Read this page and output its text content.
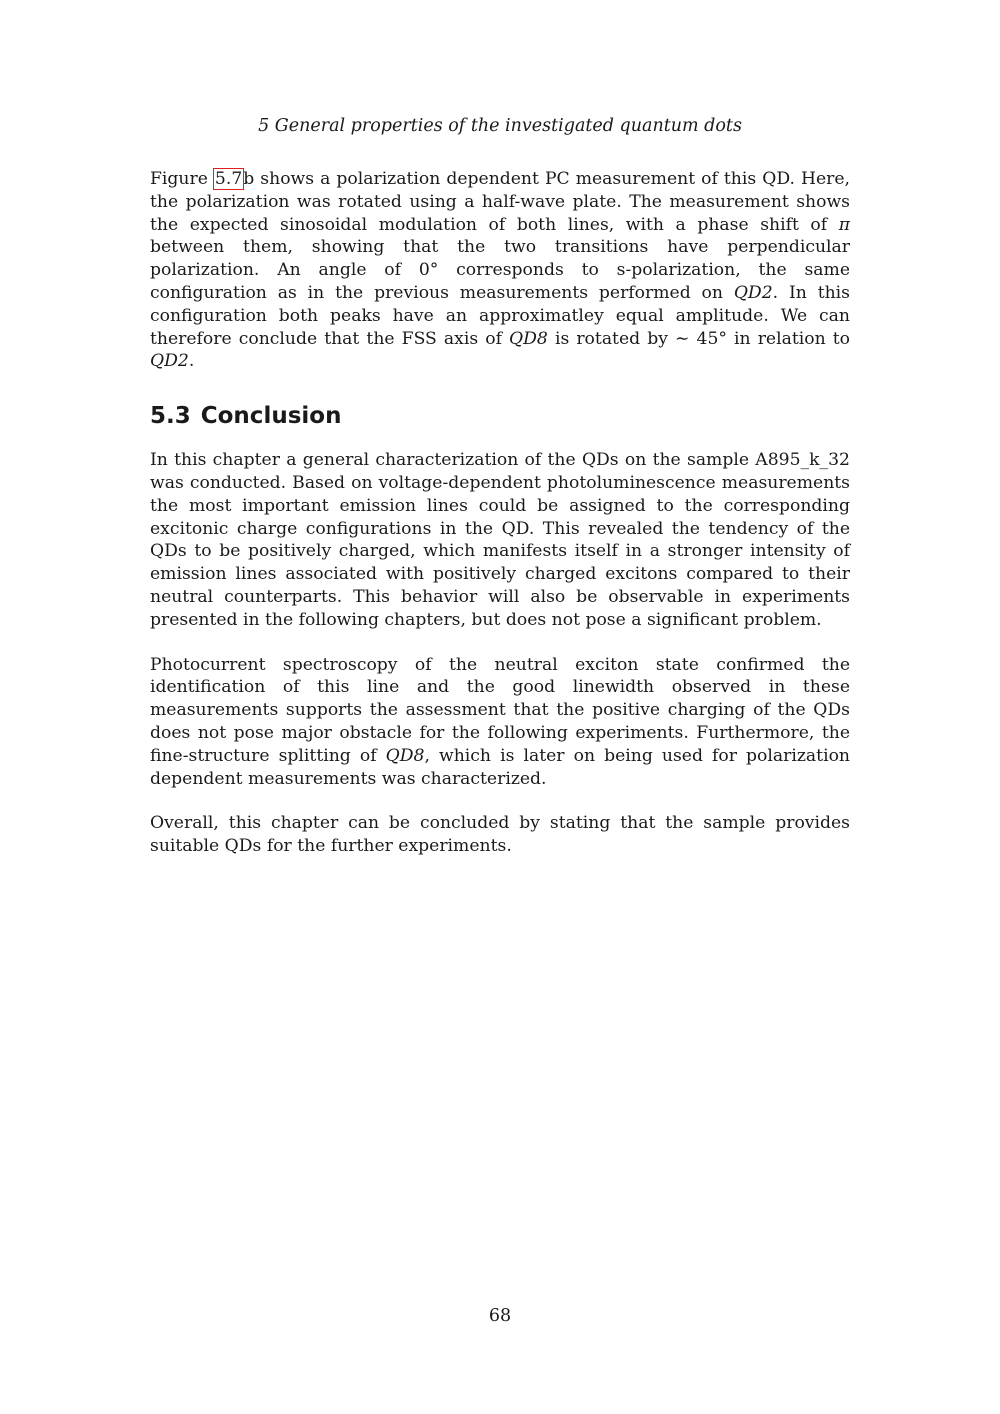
5 General properties of the investigated quantum dots

Figure 5.7b shows a polarization dependent PC measurement of this QD. Here, the polarization was rotated using a half-wave plate. The measurement shows the expected sinosoidal modulation of both lines, with a phase shift of π between them, showing that the two transitions have perpendicular polarization. An angle of 0° corresponds to s-polarization, the same configuration as in the previous measurements performed on QD2. In this configuration both peaks have an approximatley equal amplitude. We can therefore conclude that the FSS axis of QD8 is rotated by ∼ 45° in relation to QD2.

5.3 Conclusion

In this chapter a general characterization of the QDs on the sample A895_k_32 was conducted. Based on voltage-dependent photoluminescence measurements the most important emission lines could be assigned to the corresponding excitonic charge configurations in the QD. This revealed the tendency of the QDs to be positively charged, which manifests itself in a stronger intensity of emission lines associated with positively charged excitons compared to their neutral counterparts. This behavior will also be observable in experiments presented in the following chapters, but does not pose a significant problem.

Photocurrent spectroscopy of the neutral exciton state confirmed the identification of this line and the good linewidth observed in these measurements supports the assessment that the positive charging of the QDs does not pose major obstacle for the following experiments. Furthermore, the fine-structure splitting of QD8, which is later on being used for polarization dependent measurements was characterized.

Overall, this chapter can be concluded by stating that the sample provides suitable QDs for the further experiments.

68
